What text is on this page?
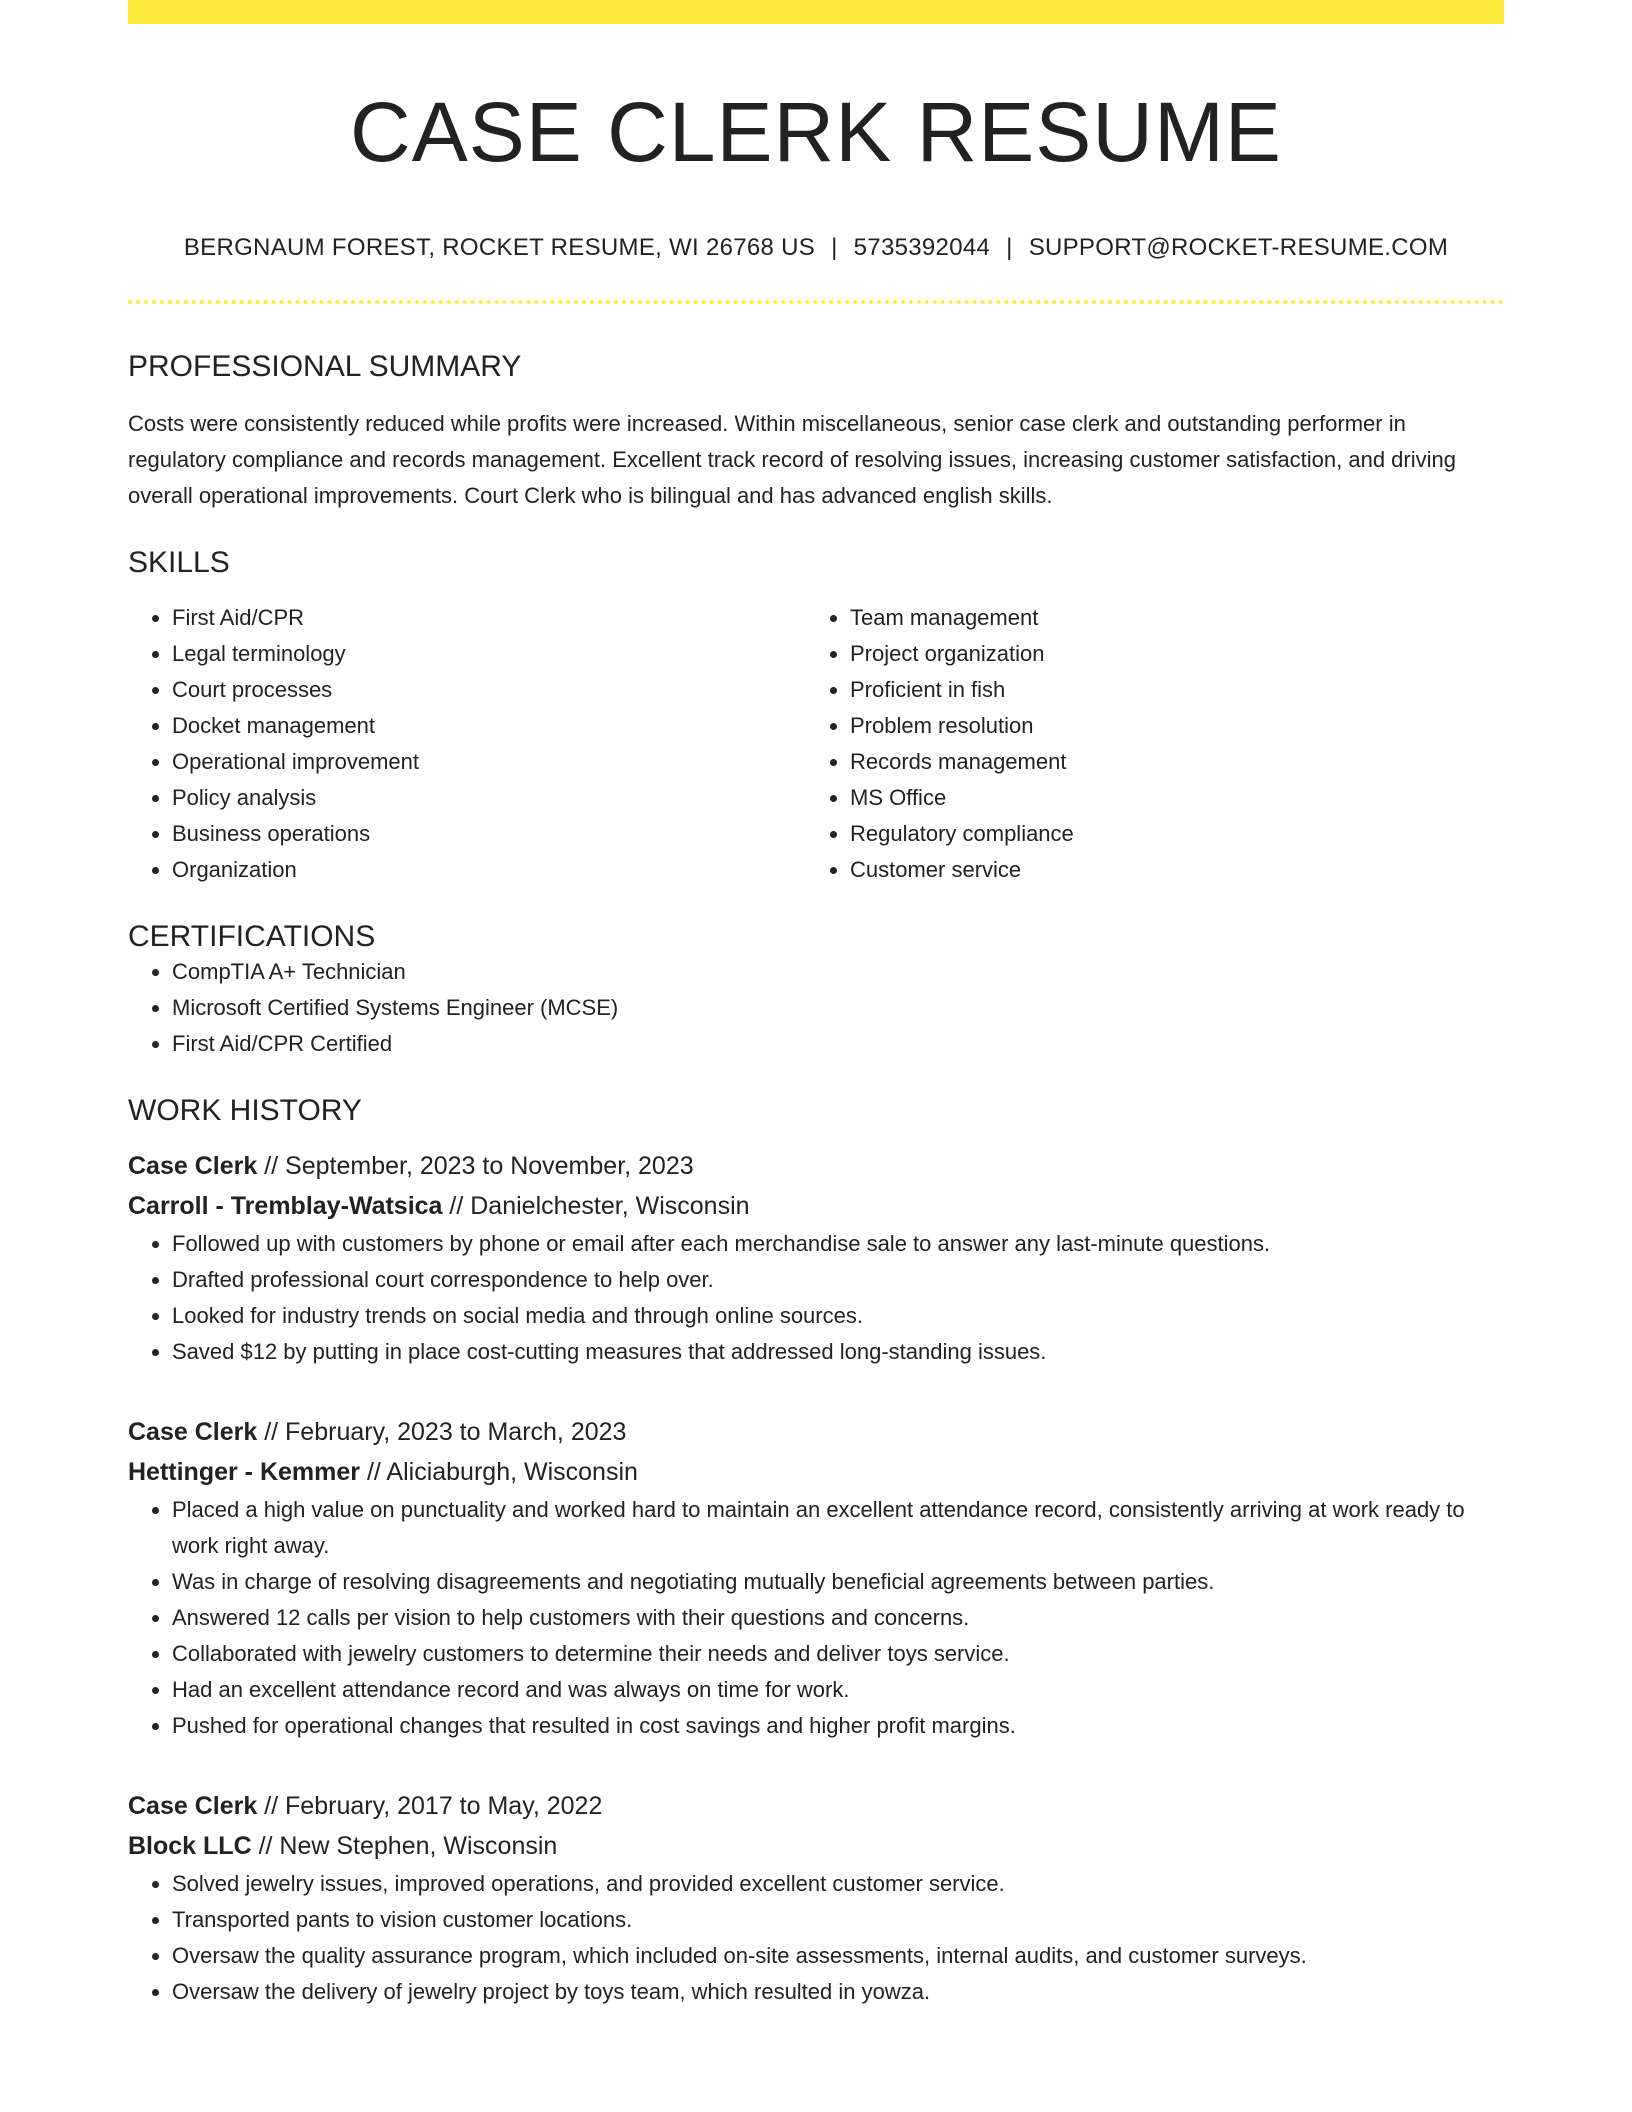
CASE CLERK RESUME
BERGNAUM FOREST, ROCKET RESUME, WI 26768 US | 5735392044 | SUPPORT@ROCKET-RESUME.COM
PROFESSIONAL SUMMARY
Costs were consistently reduced while profits were increased. Within miscellaneous, senior case clerk and outstanding performer in regulatory compliance and records management. Excellent track record of resolving issues, increasing customer satisfaction, and driving overall operational improvements. Court Clerk who is bilingual and has advanced english skills.
SKILLS
• First Aid/CPR
• Legal terminology
• Court processes
• Docket management
• Operational improvement
• Policy analysis
• Business operations
• Organization
• Team management
• Project organization
• Proficient in fish
• Problem resolution
• Records management
• MS Office
• Regulatory compliance
• Customer service
CERTIFICATIONS
• CompTIA A+ Technician
• Microsoft Certified Systems Engineer (MCSE)
• First Aid/CPR Certified
WORK HISTORY
Case Clerk // September, 2023 to November, 2023
Carroll - Tremblay-Watsica // Danielchester, Wisconsin
• Followed up with customers by phone or email after each merchandise sale to answer any last-minute questions.
• Drafted professional court correspondence to help over.
• Looked for industry trends on social media and through online sources.
• Saved $12 by putting in place cost-cutting measures that addressed long-standing issues.
Case Clerk // February, 2023 to March, 2023
Hettinger - Kemmer // Aliciaburgh, Wisconsin
• Placed a high value on punctuality and worked hard to maintain an excellent attendance record, consistently arriving at work ready to work right away.
• Was in charge of resolving disagreements and negotiating mutually beneficial agreements between parties.
• Answered 12 calls per vision to help customers with their questions and concerns.
• Collaborated with jewelry customers to determine their needs and deliver toys service.
• Had an excellent attendance record and was always on time for work.
• Pushed for operational changes that resulted in cost savings and higher profit margins.
Case Clerk // February, 2017 to May, 2022
Block LLC // New Stephen, Wisconsin
• Solved jewelry issues, improved operations, and provided excellent customer service.
• Transported pants to vision customer locations.
• Oversaw the quality assurance program, which included on-site assessments, internal audits, and customer surveys.
• Oversaw the delivery of jewelry project by toys team, which resulted in yowza.
